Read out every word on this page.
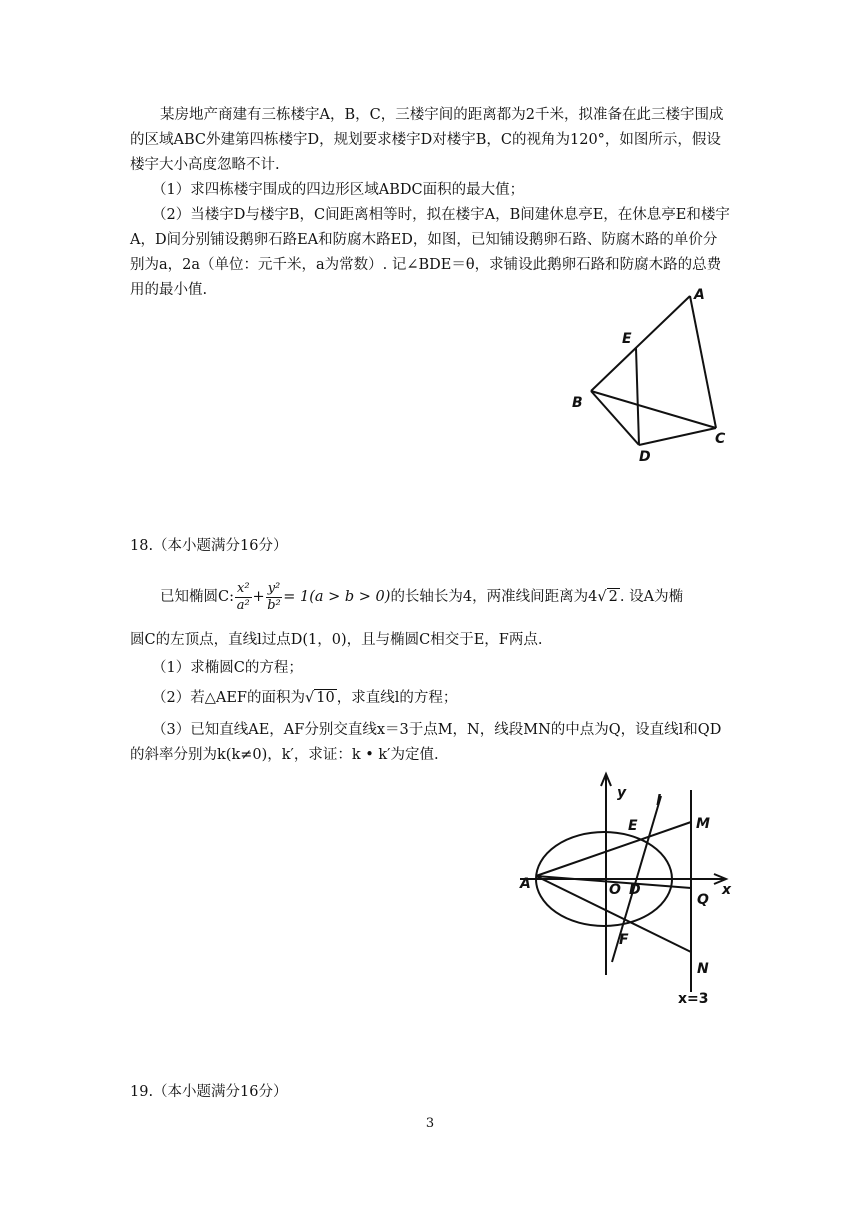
某房地产商建有三栋楼宇A，B，C，三楼宇间的距离都为2千米，拟准备在此三楼宇围成的区域ABC外建第四栋楼宇D，规划要求楼宇D对楼宇B，C的视角为120°，如图所示，假设楼宇大小高度忽略不计.

（1）求四栋楼宇围成的四边形区域ABDC面积的最大值；

（2）当楼宇D与楼宇B，C间距离相等时，拟在楼宇A，B间建休息亭E，在休息亭E和楼宇A，D间分别铺设鹅卵石路EA和防腐木路ED，如图，已知铺设鹅卵石路、防腐木路的单价分别为a，2a（单位：元千米，a为常数）. 记∠BDE＝θ，求铺设此鹅卵石路和防腐木路的总费用的最小值.	A
E
B
C
D

18.（本小题满分16分）

已知椭圆C: $\frac{\text{x²}}{\text{a²}} + \frac{\text{y²}}{\text{b²}} = 1(a > b > 0)$的长轴长为4，两准线间距离为4√ 2 . 设A为椭

圆C的左顶点，直线l过点D(1，0)，且与椭圆C相交于E，F两点.

（1）求椭圆C的方程；

（2）若△AEF的面积为√ 10 ，求直线l的方程；

（3）已知直线AE，AF分别交直线x＝3于点M，N，线段MN的中点为Q，设直线l和QD的斜率分别为k(k≠0)，k′，求证：k • k′为定值.

y l
E	M
x
A	O D
Q
F
N
x=3

19.（本小题满分16分）

3
